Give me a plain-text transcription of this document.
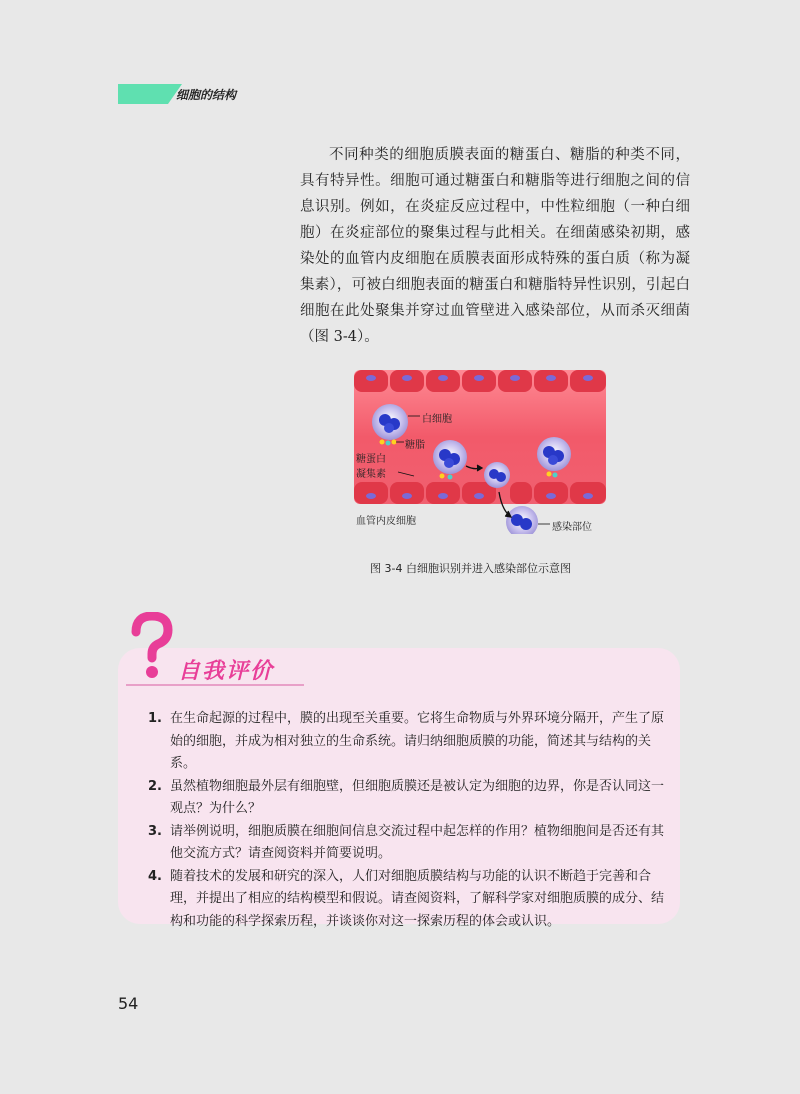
细胞的结构

不同种类的细胞质膜表面的糖蛋白、糖脂的种类不同，具有特异性。细胞可通过糖蛋白和糖脂等进行细胞之间的信息识别。例如，在炎症反应过程中，中性粒细胞（一种白细胞）在炎症部位的聚集过程与此相关。在细菌感染初期，感染处的血管内皮细胞在质膜表面形成特殊的蛋白质（称为凝集素），可被白细胞表面的糖蛋白和糖脂特异性识别，引起白细胞在此处聚集并穿过血管壁进入感染部位，从而杀灭细菌（图 3-4）。

白细胞
糖脂
糖蛋白
凝集素
血管内皮细胞
感染部位
图 3-4 白细胞识别并进入感染部位示意图
自我评价
1. 在生命起源的过程中，膜的出现至关重要。它将生命物质与外界环境分隔开，产生了原始的细胞，并成为相对独立的生命系统。请归纳细胞质膜的功能，简述其与结构的关系。
2. 虽然植物细胞最外层有细胞壁，但细胞质膜还是被认定为细胞的边界，你是否认同这一观点？为什么？
3. 请举例说明，细胞质膜在细胞间信息交流过程中起怎样的作用？植物细胞间是否还有其他交流方式？请查阅资料并简要说明。
4. 随着技术的发展和研究的深入，人们对细胞质膜结构与功能的认识不断趋于完善和合理，并提出了相应的结构模型和假说。请查阅资料，了解科学家对细胞质膜的成分、结构和功能的科学探索历程，并谈谈你对这一探索历程的体会或认识。
54
